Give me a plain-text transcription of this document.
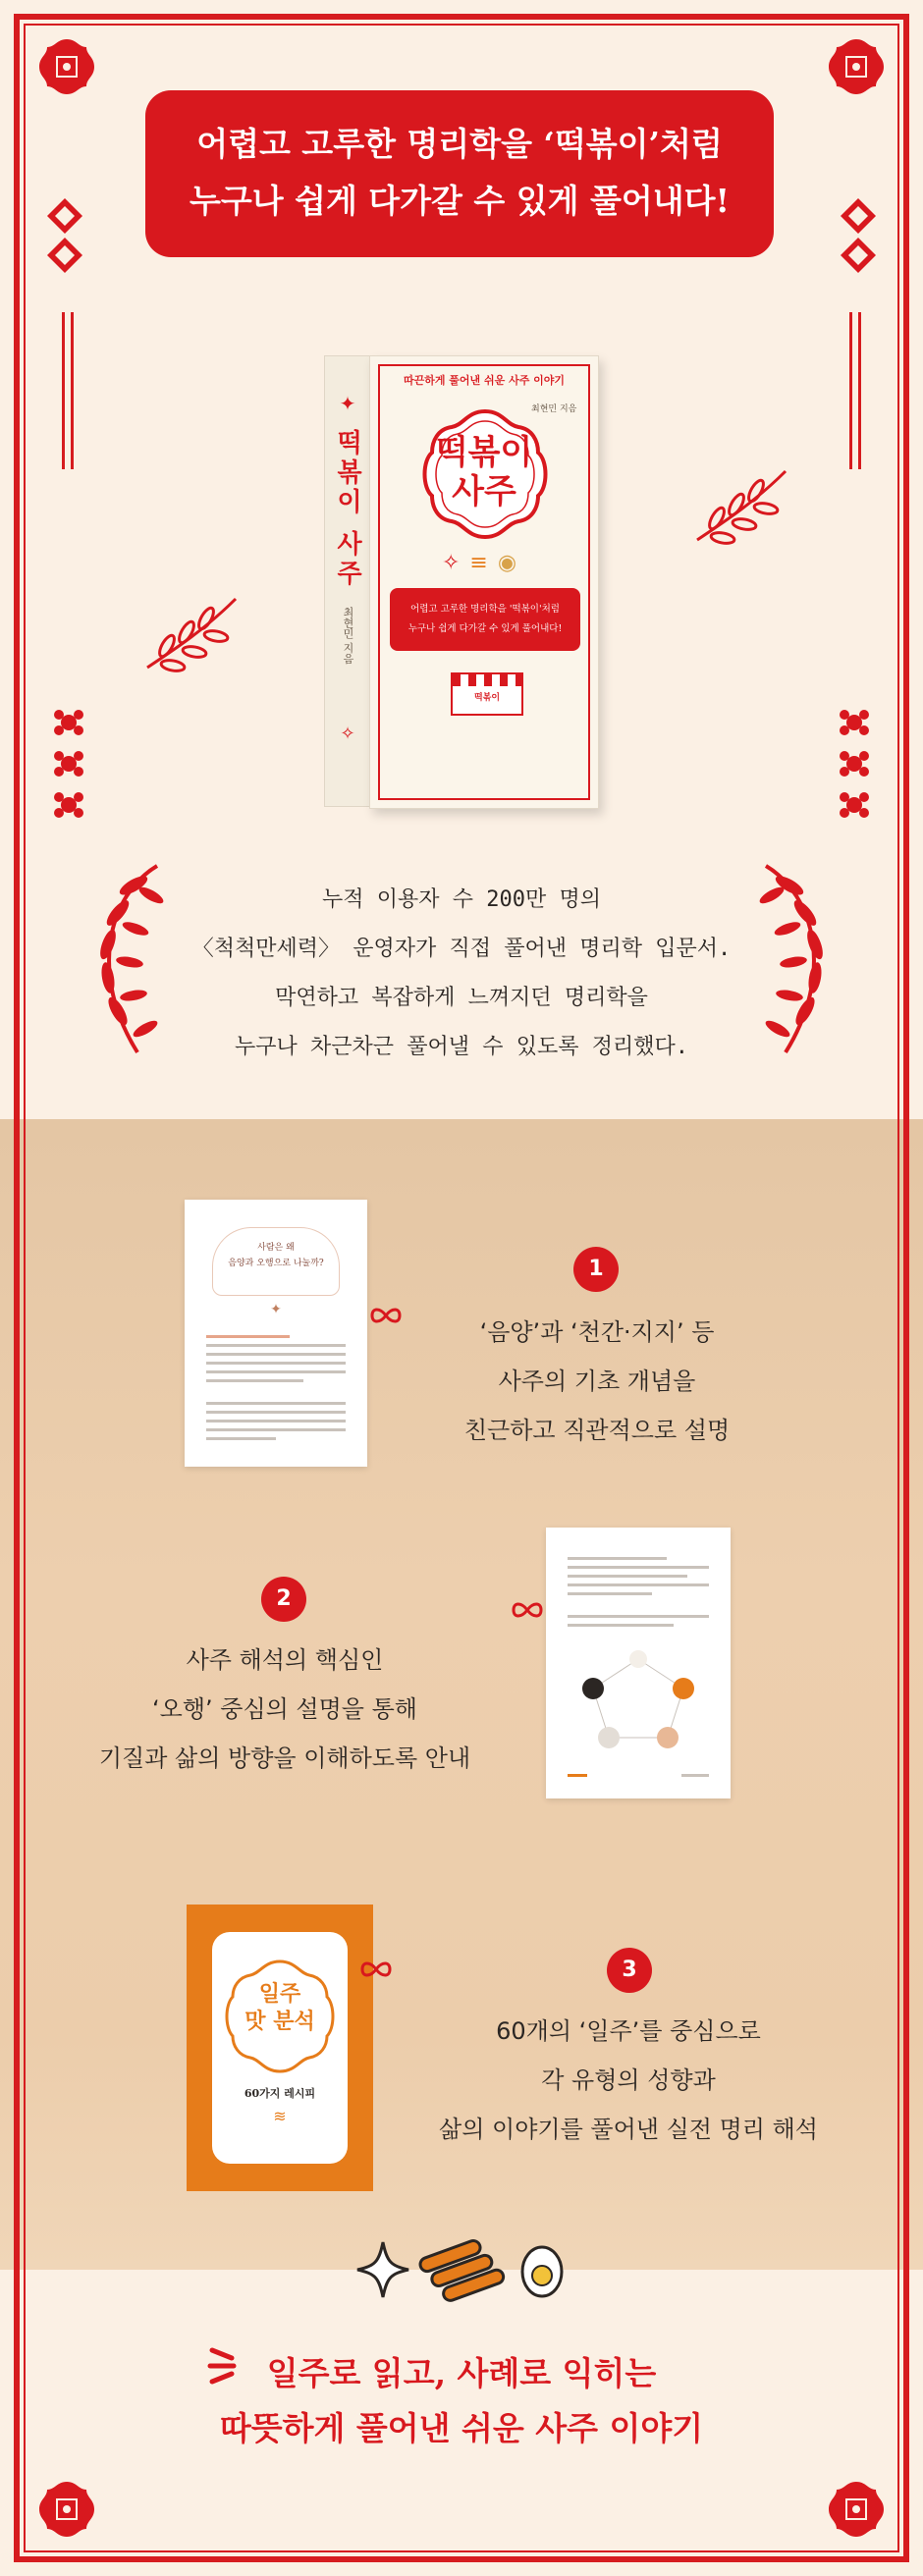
어렵고 고루한 명리학을 ‘떡볶이’처럼
누구나 쉽게 다가갈 수 있게 풀어내다!
✦
떡볶이 사주
최현민 지음
✧
따끈하게 풀어낸 쉬운 사주 이야기
떡볶이
사주
최현민 지음
✧≡◉
어렵고 고루한 명리학을 '떡볶이'처럼
누구나 쉽게 다가갈 수 있게 풀어내다!
떡볶이
누적 이용자 수 200만 명의
〈척척만세력〉 운영자가 직접 풀어낸 명리학 입문서.
막연하고 복잡하게 느껴지던 명리학을
누구나 차근차근 풀어낼 수 있도록 정리했다.
사람은 왜
음양과 오행으로 나눌까?
✦
1
‘음양’과 ‘천간·지지’ 등
사주의 기초 개념을
친근하고 직관적으로 설명
2
사주 해석의 핵심인
‘오행’ 중심의 설명을 통해
기질과 삶의 방향을 이해하도록 안내
일주
맛 분석
60가지 레시피
≋
3
60개의 ‘일주’를 중심으로
각 유형의 성향과
삶의 이야기를 풀어낸 실전 명리 해석
일주로 읽고, 사례로 익히는
따뜻하게 풀어낸 쉬운 사주 이야기
